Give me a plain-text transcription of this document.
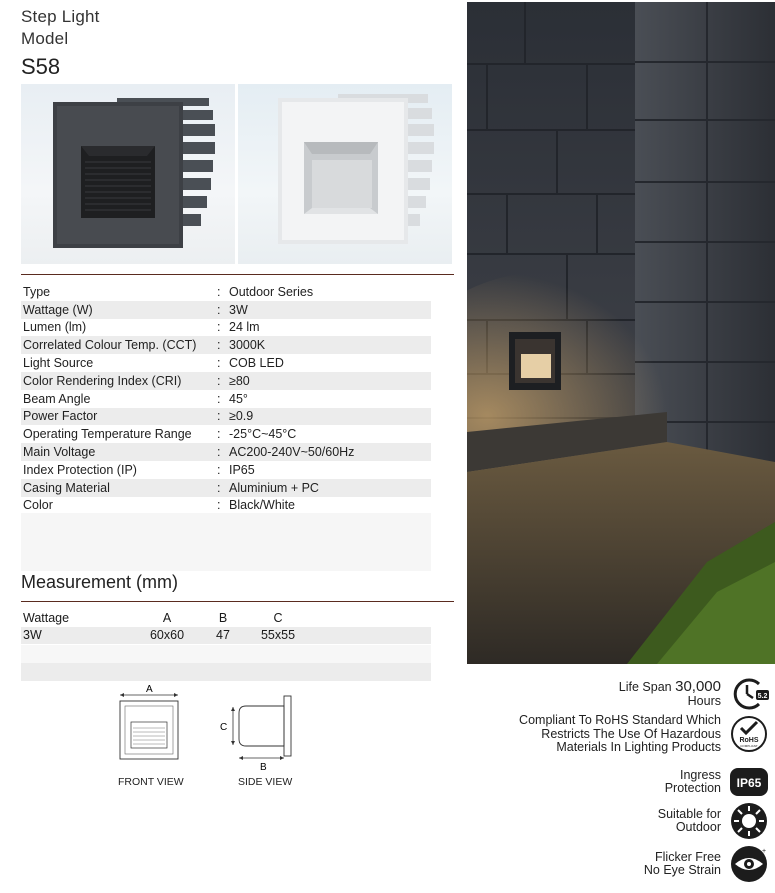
Step Light
Model
S58
Type	: Outdoor Series
Wattage (W)	: 3W
Lumen (lm)	: 24 lm
Correlated Colour Temp. (CCT)	: 3000K
Light Source	: COB LED
Color Rendering Index (CRI)	: ≥80
Beam Angle	: 45°
Power Factor	: ≥0.9
Operating Temperature Range	: -25°C~45°C
Main Voltage	: AC200-240V~50/60Hz
Index Protection (IP)	: IP65
Casing Material	: Aluminium + PC
Color	: Black/White
Measurement (mm)
Wattage	A	B	C
3W	60x60	47	55x55
A
C
B
FRONT VIEW	SIDE VIEW
Life Span 30,000
Hours	5.2
Compliant To RoHS Standard Which
Restricts The Use Of Hazardous
Materials In Lighting Products	RoHS
COMPLIANT
Ingress
Protection IP65
Suitable for
Outdoor
Flicker Free
No Eye Strain
+
